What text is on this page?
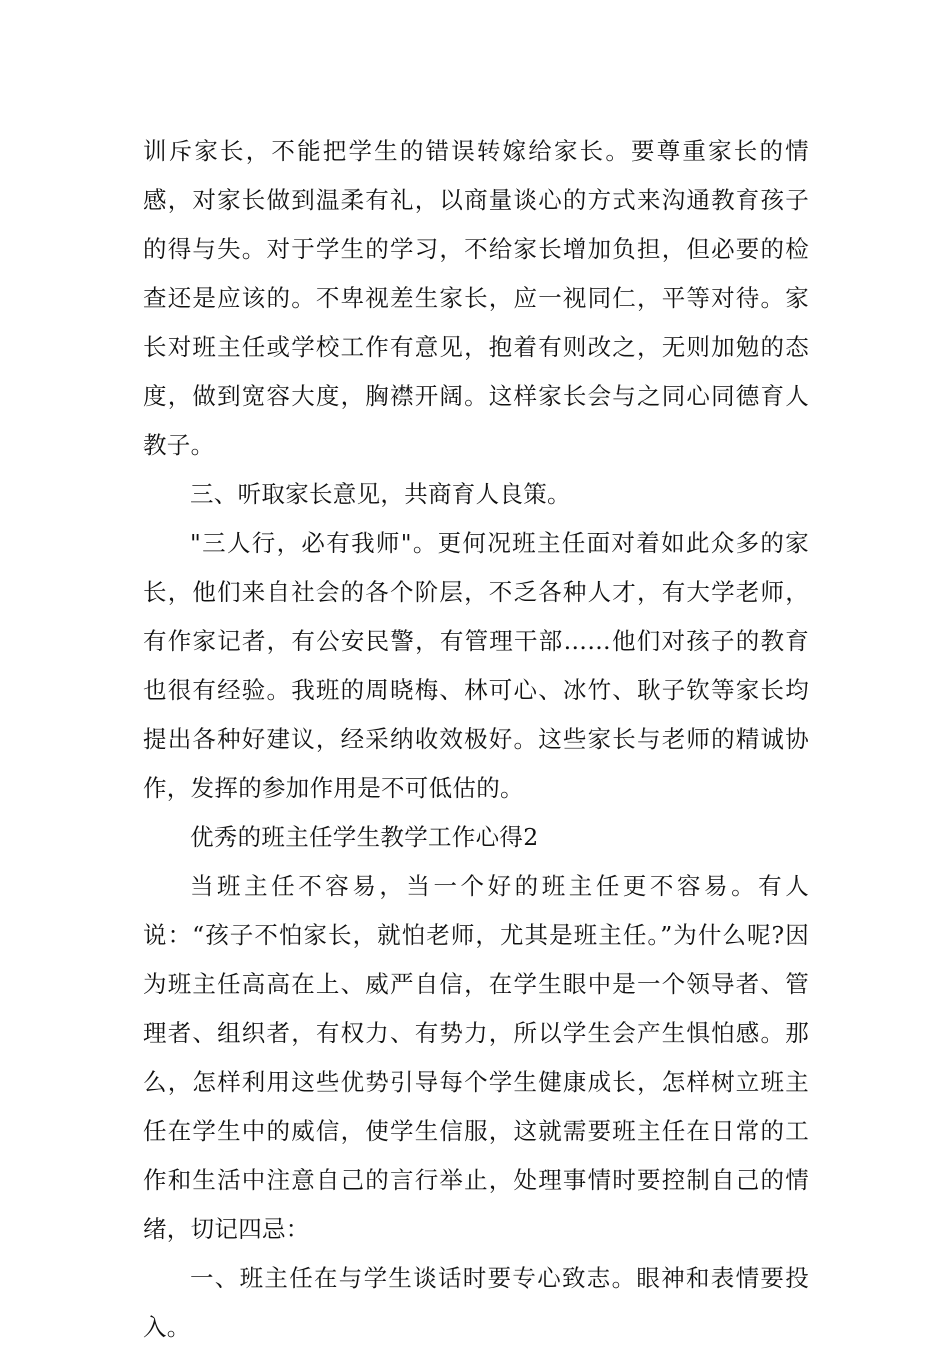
训斥家长，不能把学生的错误转嫁给家长。要尊重家长的情感，对家长做到温柔有礼，以商量谈心的方式来沟通教育孩子的得与失。对于学生的学习，不给家长增加负担，但必要的检查还是应该的。不卑视差生家长，应一视同仁，平等对待。家长对班主任或学校工作有意见，抱着有则改之，无则加勉的态度，做到宽容大度，胸襟开阔。这样家长会与之同心同德育人教子。

三、听取家长意见，共商育人良策。

"三人行，必有我师"。更何况班主任面对着如此众多的家长，他们来自社会的各个阶层，不乏各种人才，有大学老师，有作家记者，有公安民警，有管理干部……他们对孩子的教育也很有经验。我班的周晓梅、林可心、冰竹、耿子钦等家长均提出各种好建议，经采纳收效极好。这些家长与老师的精诚协作，发挥的参加作用是不可低估的。

优秀的班主任学生教学工作心得2

当班主任不容易，当一个好的班主任更不容易。有人说：“孩子不怕家长，就怕老师，尤其是班主任。”为什么呢?因为班主任高高在上、威严自信，在学生眼中是一个领导者、管理者、组织者，有权力、有势力，所以学生会产生惧怕感。那么，怎样利用这些优势引导每个学生健康成长，怎样树立班主任在学生中的威信，使学生信服，这就需要班主任在日常的工作和生活中注意自己的言行举止，处理事情时要控制自己的情绪，切记四忌：

一、班主任在与学生谈话时要专心致志。眼神和表情要投入。
